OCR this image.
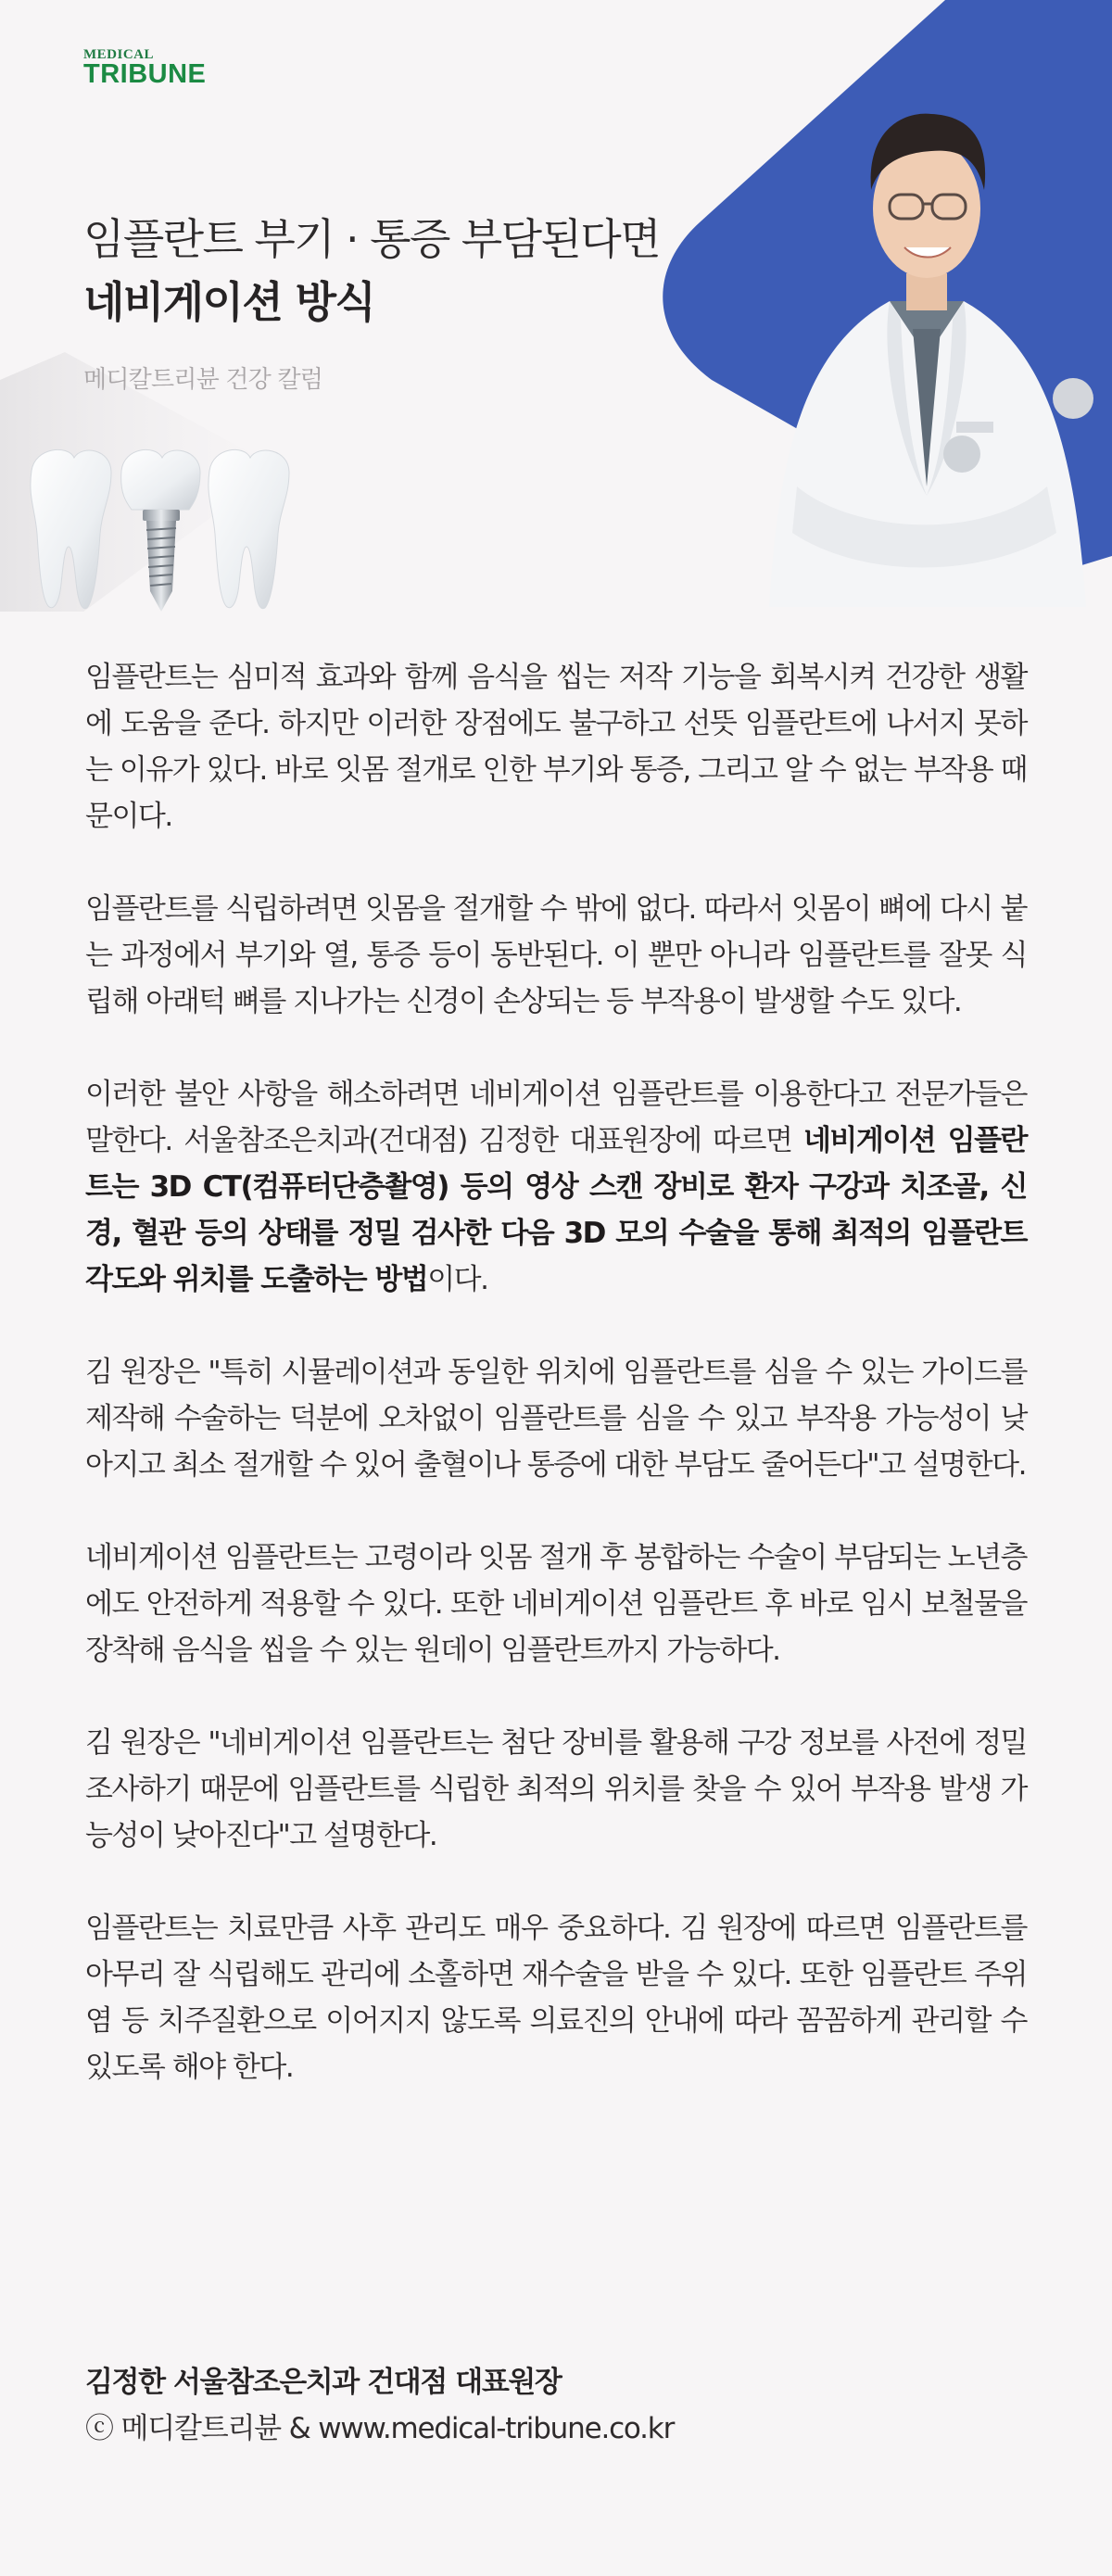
MEDICAL
TRIBUNE
임플란트 부기 · 통증 부담된다면
네비게이션 방식
메디칼트리뷴 건강 칼럼

임플란트는 심미적 효과와 함께 음식을 씹는 저작 기능을 회복시켜 건강한 생활에 도움을 준다. 하지만 이러한 장점에도 불구하고 선뜻 임플란트에 나서지 못하는 이유가 있다. 바로 잇몸 절개로 인한 부기와 통증, 그리고 알 수 없는 부작용 때문이다.

임플란트를 식립하려면 잇몸을 절개할 수 밖에 없다. 따라서 잇몸이 뼈에 다시 붙는 과정에서 부기와 열, 통증 등이 동반된다. 이 뿐만 아니라 임플란트를 잘못 식립해 아래턱 뼈를 지나가는 신경이 손상되는 등 부작용이 발생할 수도 있다.

이러한 불안 사항을 해소하려면 네비게이션 임플란트를 이용한다고 전문가들은 말한다. 서울참조은치과(건대점) 김정한 대표원장에 따르면 네비게이션 임플란트는 3D CT(컴퓨터단층촬영) 등의 영상 스캔 장비로 환자 구강과 치조골, 신경, 혈관 등의 상태를 정밀 검사한 다음 3D 모의 수술을 통해 최적의 임플란트 각도와 위치를 도출하는 방법이다.

김 원장은 "특히 시뮬레이션과 동일한 위치에 임플란트를 심을 수 있는 가이드를 제작해 수술하는 덕분에 오차없이 임플란트를 심을 수 있고 부작용 가능성이 낮아지고 최소 절개할 수 있어 출혈이나 통증에 대한 부담도 줄어든다"고 설명한다.

네비게이션 임플란트는 고령이라 잇몸 절개 후 봉합하는 수술이 부담되는 노년층에도 안전하게 적용할 수 있다. 또한 네비게이션 임플란트 후 바로 임시 보철물을 장착해 음식을 씹을 수 있는 원데이 임플란트까지 가능하다.

김 원장은 "네비게이션 임플란트는 첨단 장비를 활용해 구강 정보를 사전에 정밀 조사하기 때문에 임플란트를 식립한 최적의 위치를 찾을 수 있어 부작용 발생 가능성이 낮아진다"고 설명한다.

임플란트는 치료만큼 사후 관리도 매우 중요하다. 김 원장에 따르면 임플란트를 아무리 잘 식립해도 관리에 소홀하면 재수술을 받을 수 있다. 또한 임플란트 주위염 등 치주질환으로 이어지지 않도록 의료진의 안내에 따라 꼼꼼하게 관리할 수 있도록 해야 한다.

김정한 서울참조은치과 건대점 대표원장
ⓒ 메디칼트리뷴 & www.medical-tribune.co.kr
